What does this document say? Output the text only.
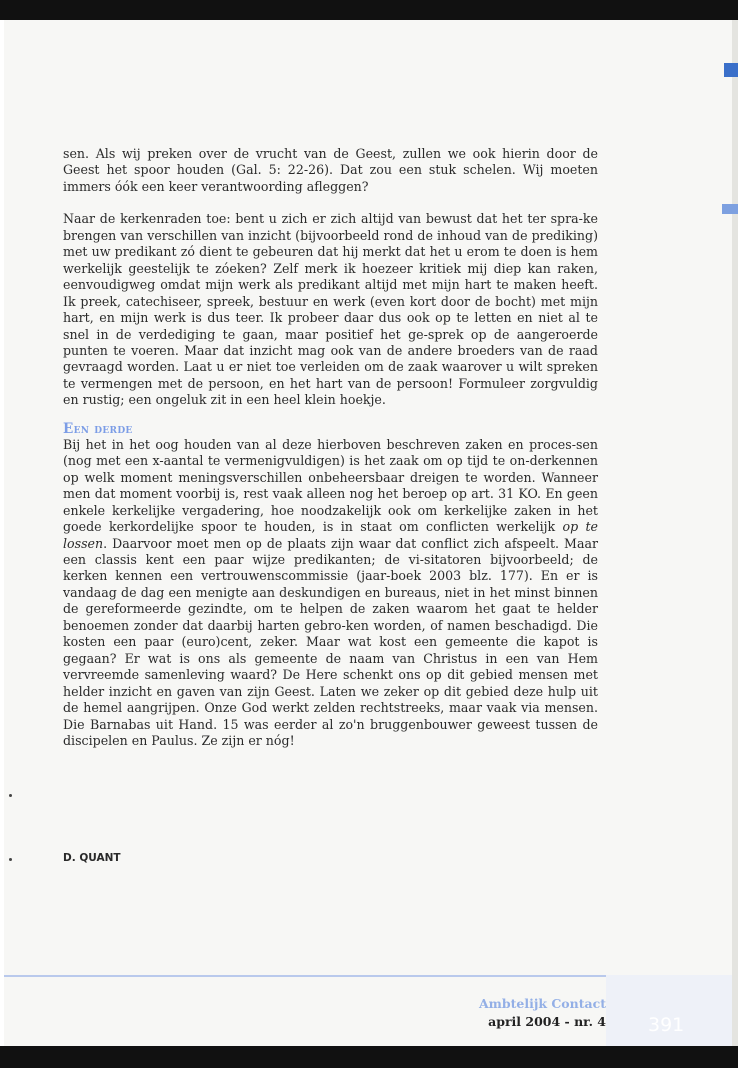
sen. Als wij preken over de vrucht van de Geest, zullen we ook hierin door de Geest het spoor houden (Gal. 5: 22-26). Dat zou een stuk schelen. Wij moeten immers óók een keer verantwoording afleggen?

Naar de kerkenraden toe: bent u zich er zich altijd van bewust dat het ter spra-ke brengen van verschillen van inzicht (bijvoorbeeld rond de inhoud van de prediking) met uw predikant zó dient te gebeuren dat hij merkt dat het u erom te doen is hem werkelijk geestelijk te zóeken? Zelf merk ik hoezeer kritiek mij diep kan raken, eenvoudigweg omdat mijn werk als predikant altijd met mijn hart te maken heeft. Ik preek, catechiseer, spreek, bestuur en werk (even kort door de bocht) met mijn hart, en mijn werk is dus teer. Ik probeer daar dus ook op te letten en niet al te snel in de verdediging te gaan, maar positief het ge-sprek op de aangeroerde punten te voeren. Maar dat inzicht mag ook van de andere broeders van de raad gevraagd worden. Laat u er niet toe verleiden om de zaak waarover u wilt spreken te vermengen met de persoon, en het hart van de persoon! Formuleer zorgvuldig en rustig; een ongeluk zit in een heel klein hoekje.

Een derde

Bij het in het oog houden van al deze hierboven beschreven zaken en proces-sen (nog met een x-aantal te vermenigvuldigen) is het zaak om op tijd te on-derkennen op welk moment meningsverschillen onbeheersbaar dreigen te worden. Wanneer men dat moment voorbij is, rest vaak alleen nog het beroep op art. 31 KO. En geen enkele kerkelijke vergadering, hoe noodzakelijk ook om kerkelijke zaken in het goede kerkordelijke spoor te houden, is in staat om conflicten werkelijk op te lossen. Daarvoor moet men op de plaats zijn waar dat conflict zich afspeelt. Maar een classis kent een paar wijze predikanten; de vi-sitatoren bijvoorbeeld; de kerken kennen een vertrouwenscommissie (jaar-boek 2003 blz. 177). En er is vandaag de dag een menigte aan deskundigen en bureaus, niet in het minst binnen de gereformeerde gezindte, om te helpen de zaken waarom het gaat te helder benoemen zonder dat daarbij harten gebro-ken worden, of namen beschadigd. Die kosten een paar (euro)cent, zeker. Maar wat kost een gemeente die kapot is gegaan? Er wat is ons als gemeente de naam van Christus in een van Hem vervreemde samenleving waard? De Here schenkt ons op dit gebied mensen met helder inzicht en gaven van zijn Geest. Laten we zeker op dit gebied deze hulp uit de hemel aangrijpen. Onze God werkt zelden rechtstreeks, maar vaak via mensen. Die Barnabas uit Hand. 15 was eerder al zo'n bruggenbouwer geweest tussen de discipelen en Paulus. Ze zijn er nóg!

D. QUANT
Ambtelijk Contact
april 2004 - nr. 4 391
